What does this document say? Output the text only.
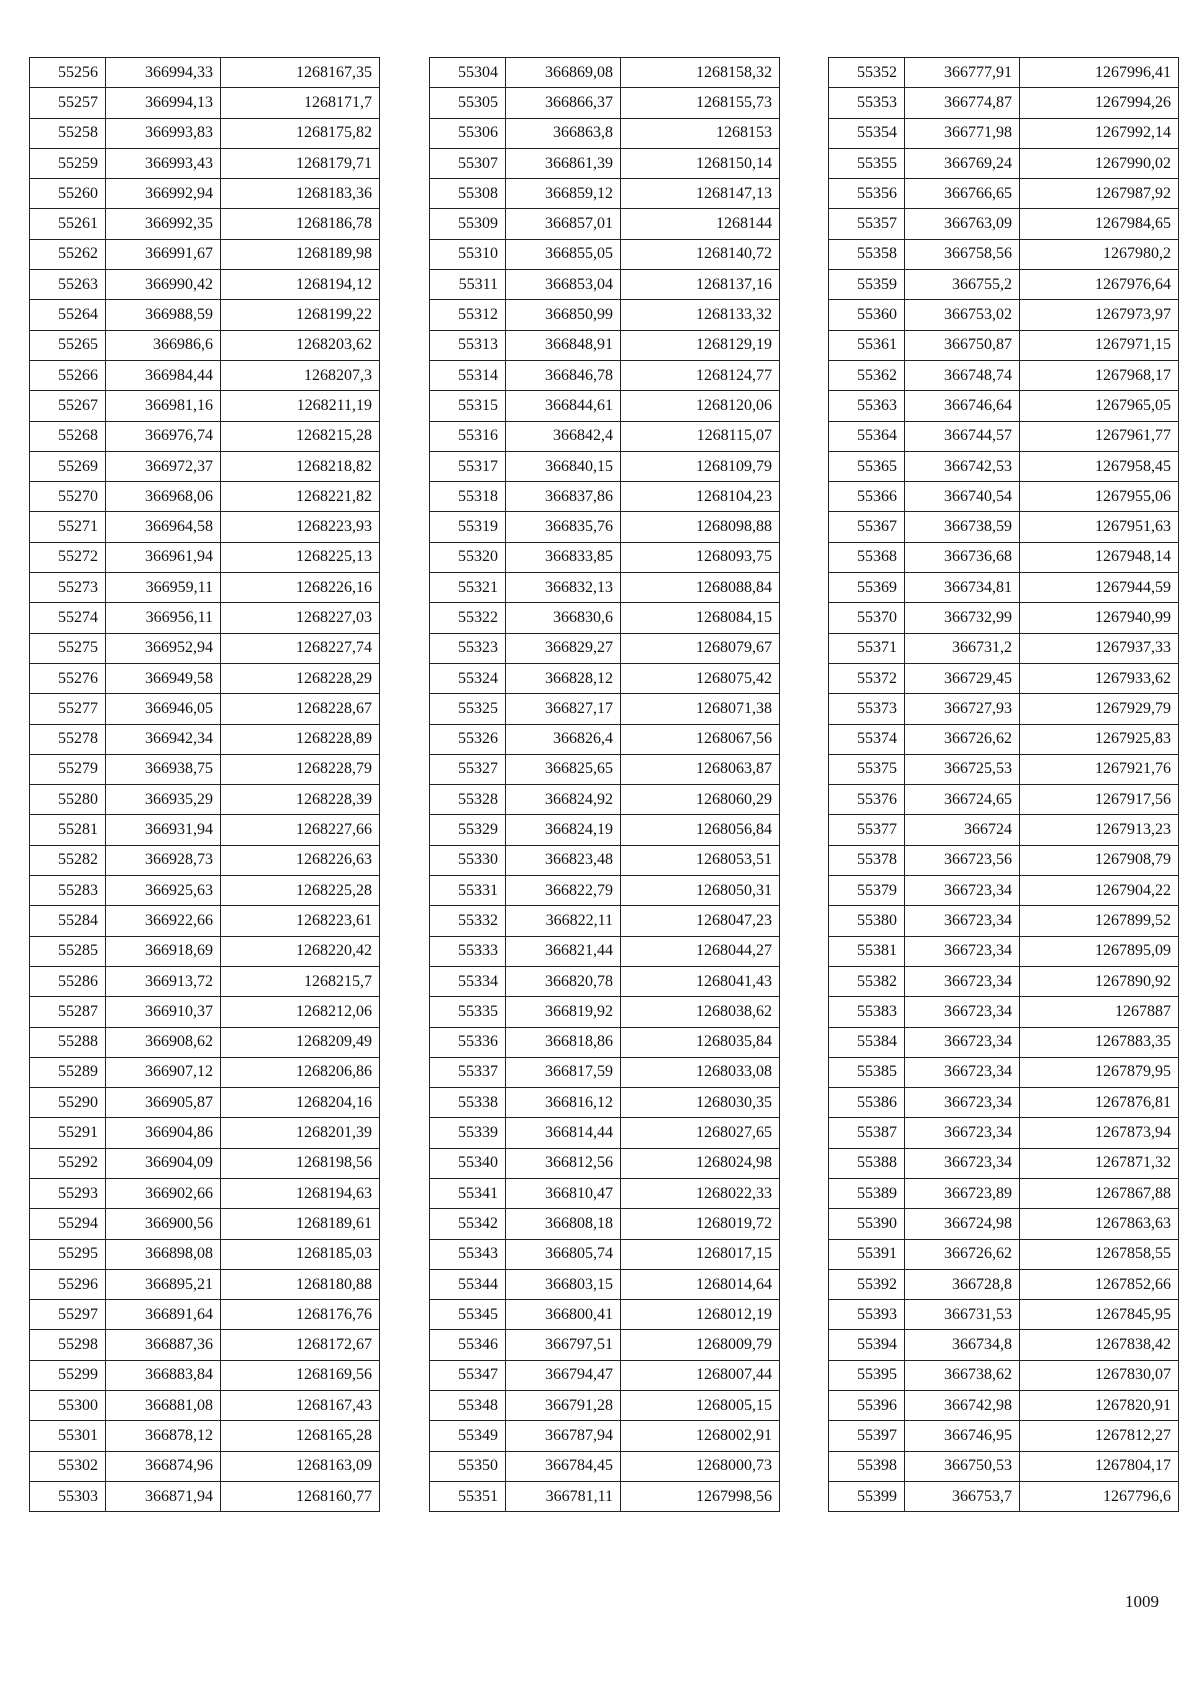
55256	366994,33	1268167,35
55257	366994,13	1268171,7
55258	366993,83	1268175,82
55259	366993,43	1268179,71
55260	366992,94	1268183,36
55261	366992,35	1268186,78
55262	366991,67	1268189,98
55263	366990,42	1268194,12
55264	366988,59	1268199,22
55265	366986,6	1268203,62
55266	366984,44	1268207,3
55267	366981,16	1268211,19
55268	366976,74	1268215,28
55269	366972,37	1268218,82
55270	366968,06	1268221,82
55271	366964,58	1268223,93
55272	366961,94	1268225,13
55273	366959,11	1268226,16
55274	366956,11	1268227,03
55275	366952,94	1268227,74
55276	366949,58	1268228,29
55277	366946,05	1268228,67
55278	366942,34	1268228,89
55279	366938,75	1268228,79
55280	366935,29	1268228,39
55281	366931,94	1268227,66
55282	366928,73	1268226,63
55283	366925,63	1268225,28
55284	366922,66	1268223,61
55285	366918,69	1268220,42
55286	366913,72	1268215,7
55287	366910,37	1268212,06
55288	366908,62	1268209,49
55289	366907,12	1268206,86
55290	366905,87	1268204,16
55291	366904,86	1268201,39
55292	366904,09	1268198,56
55293	366902,66	1268194,63
55294	366900,56	1268189,61
55295	366898,08	1268185,03
55296	366895,21	1268180,88
55297	366891,64	1268176,76
55298	366887,36	1268172,67
55299	366883,84	1268169,56
55300	366881,08	1268167,43
55301	366878,12	1268165,28
55302	366874,96	1268163,09
55303	366871,94	1268160,77
55304	366869,08	1268158,32
55305	366866,37	1268155,73
55306	366863,8	1268153
55307	366861,39	1268150,14
55308	366859,12	1268147,13
55309	366857,01	1268144
55310	366855,05	1268140,72
55311	366853,04	1268137,16
55312	366850,99	1268133,32
55313	366848,91	1268129,19
55314	366846,78	1268124,77
55315	366844,61	1268120,06
55316	366842,4	1268115,07
55317	366840,15	1268109,79
55318	366837,86	1268104,23
55319	366835,76	1268098,88
55320	366833,85	1268093,75
55321	366832,13	1268088,84
55322	366830,6	1268084,15
55323	366829,27	1268079,67
55324	366828,12	1268075,42
55325	366827,17	1268071,38
55326	366826,4	1268067,56
55327	366825,65	1268063,87
55328	366824,92	1268060,29
55329	366824,19	1268056,84
55330	366823,48	1268053,51
55331	366822,79	1268050,31
55332	366822,11	1268047,23
55333	366821,44	1268044,27
55334	366820,78	1268041,43
55335	366819,92	1268038,62
55336	366818,86	1268035,84
55337	366817,59	1268033,08
55338	366816,12	1268030,35
55339	366814,44	1268027,65
55340	366812,56	1268024,98
55341	366810,47	1268022,33
55342	366808,18	1268019,72
55343	366805,74	1268017,15
55344	366803,15	1268014,64
55345	366800,41	1268012,19
55346	366797,51	1268009,79
55347	366794,47	1268007,44
55348	366791,28	1268005,15
55349	366787,94	1268002,91
55350	366784,45	1268000,73
55351	366781,11	1267998,56
55352	366777,91	1267996,41
55353	366774,87	1267994,26
55354	366771,98	1267992,14
55355	366769,24	1267990,02
55356	366766,65	1267987,92
55357	366763,09	1267984,65
55358	366758,56	1267980,2
55359	366755,2	1267976,64
55360	366753,02	1267973,97
55361	366750,87	1267971,15
55362	366748,74	1267968,17
55363	366746,64	1267965,05
55364	366744,57	1267961,77
55365	366742,53	1267958,45
55366	366740,54	1267955,06
55367	366738,59	1267951,63
55368	366736,68	1267948,14
55369	366734,81	1267944,59
55370	366732,99	1267940,99
55371	366731,2	1267937,33
55372	366729,45	1267933,62
55373	366727,93	1267929,79
55374	366726,62	1267925,83
55375	366725,53	1267921,76
55376	366724,65	1267917,56
55377	366724	1267913,23
55378	366723,56	1267908,79
55379	366723,34	1267904,22
55380	366723,34	1267899,52
55381	366723,34	1267895,09
55382	366723,34	1267890,92
55383	366723,34	1267887
55384	366723,34	1267883,35
55385	366723,34	1267879,95
55386	366723,34	1267876,81
55387	366723,34	1267873,94
55388	366723,34	1267871,32
55389	366723,89	1267867,88
55390	366724,98	1267863,63
55391	366726,62	1267858,55
55392	366728,8	1267852,66
55393	366731,53	1267845,95
55394	366734,8	1267838,42
55395	366738,62	1267830,07
55396	366742,98	1267820,91
55397	366746,95	1267812,27
55398	366750,53	1267804,17
55399	366753,7	1267796,6
1009
